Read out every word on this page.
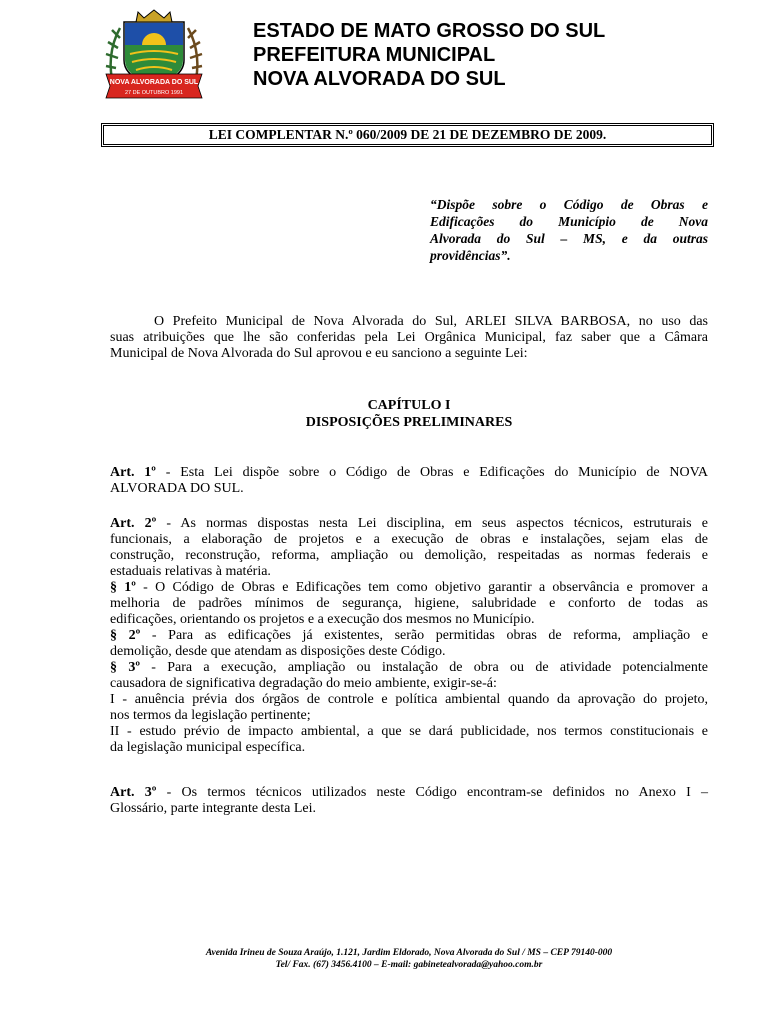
NOVA ALVORADA DO SUL
27 DE OUTUBRO 1991
ESTADO DE MATO GROSSO DO SUL
PREFEITURA MUNICIPAL
NOVA ALVORADA DO SUL
LEI COMPLENTAR N.º 060/2009 DE 21 DE DEZEMBRO DE 2009.
“Dispõe sobre o Código de Obras e
Edificações do Município de Nova
Alvorada do Sul – MS, e da outras
providências”.
O Prefeito Municipal de Nova Alvorada do Sul, ARLEI SILVA BARBOSA, no uso das
suas atribuições que lhe são conferidas pela Lei Orgânica Municipal, faz saber que a Câmara
Municipal de Nova Alvorada do Sul aprovou e eu sanciono a seguinte Lei:
CAPÍTULO I
DISPOSIÇÕES PRELIMINARES
Art. 1º - Esta Lei dispõe sobre o Código de Obras e Edificações do Município de NOVA
ALVORADA DO SUL.
Art. 2º - As normas dispostas nesta Lei disciplina, em seus aspectos técnicos, estruturais e
funcionais, a elaboração de projetos e a execução de obras e instalações, sejam elas de
construção, reconstrução, reforma, ampliação ou demolição, respeitadas as normas federais e
estaduais relativas à matéria.
§ 1º - O Código de Obras e Edificações tem como objetivo garantir a observância e promover a
melhoria de padrões mínimos de segurança, higiene, salubridade e conforto de todas as
edificações, orientando os projetos e a execução dos mesmos no Município.
§ 2º - Para as edificações já existentes, serão permitidas obras de reforma, ampliação e
demolição, desde que atendam as disposições deste Código.
§ 3º - Para a execução, ampliação ou instalação de obra ou de atividade potencialmente
causadora de significativa degradação do meio ambiente, exigir-se-á:
I - anuência prévia dos órgãos de controle e política ambiental quando da aprovação do projeto,
nos termos da legislação pertinente;
II - estudo prévio de impacto ambiental, a que se dará publicidade, nos termos constitucionais e
da legislação municipal específica.
Art. 3º - Os termos técnicos utilizados neste Código encontram-se definidos no Anexo I –
Glossário, parte integrante desta Lei.
Avenida Irineu de Souza Araújo, 1.121, Jardim Eldorado, Nova Alvorada do Sul / MS – CEP 79140-000
Tel/ Fax. (67) 3456.4100 – E-mail: gabinetealvorada@yahoo.com.br
